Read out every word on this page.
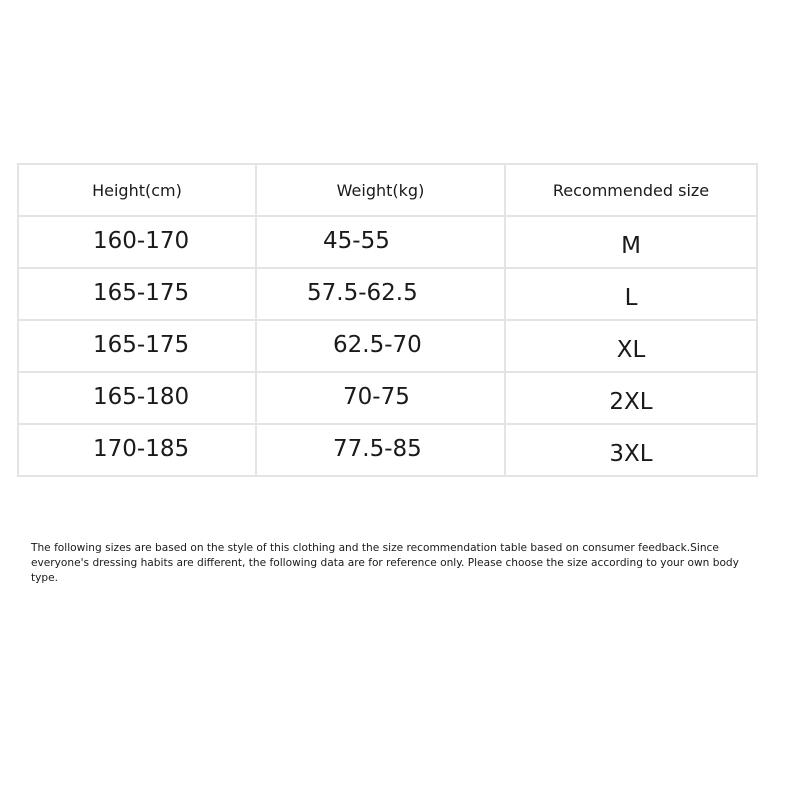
Height(cm)	Weight(kg)	Recommended size
160-170	45-55	M
165-175	57.5-62.5	L
165-175	62.5-70	XL
165-180	70-75	2XL
170-185	77.5-85	3XL

The following sizes are based on the style of this clothing and the size recommendation table based on consumer feedback.Since everyone's dressing habits are different, the following data are for reference only. Please choose the size according to your own body type.
